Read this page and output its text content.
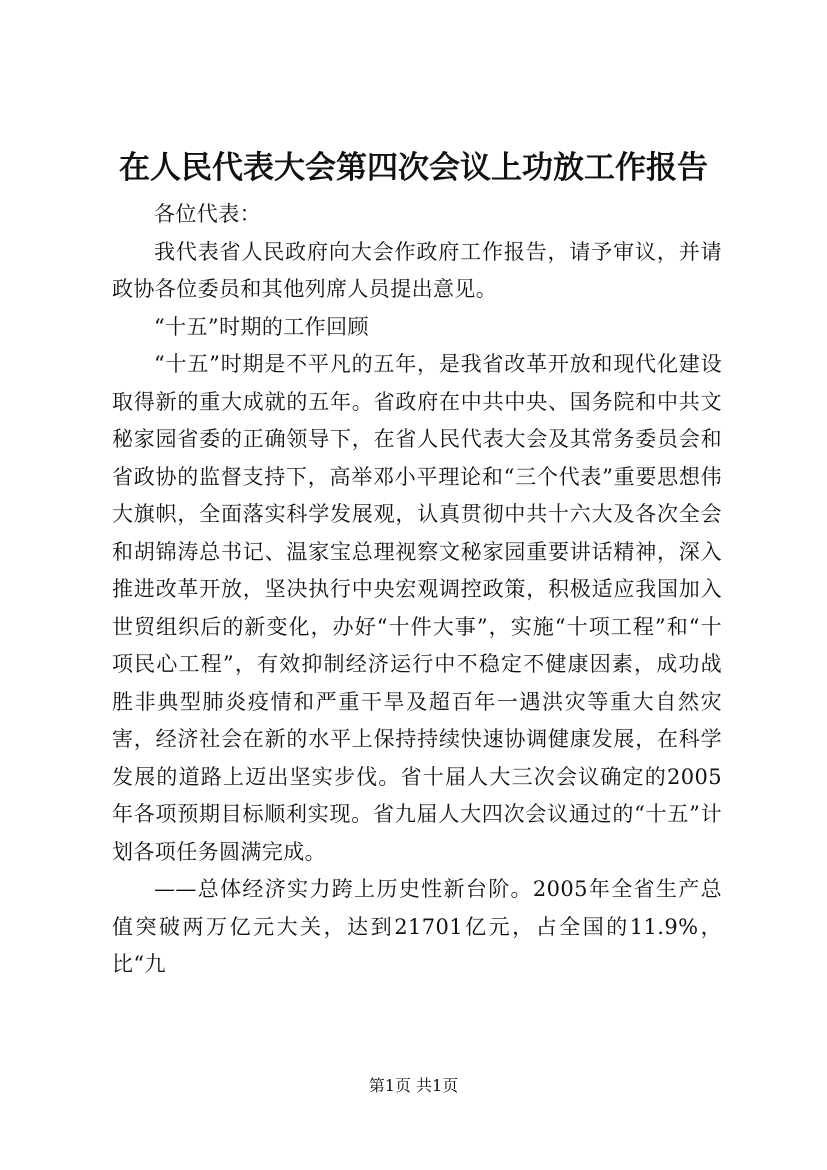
在人民代表大会第四次会议上功放工作报告

各位代表：

我代表省人民政府向大会作政府工作报告，请予审议，并请政协各位委员和其他列席人员提出意见。

“十五”时期的工作回顾

“十五”时期是不平凡的五年，是我省改革开放和现代化建设取得新的重大成就的五年。省政府在中共中央、国务院和中共文秘家园省委的正确领导下，在省人民代表大会及其常务委员会和省政协的监督支持下，高举邓小平理论和“三个代表”重要思想伟大旗帜，全面落实科学发展观，认真贯彻中共十六大及各次全会和胡锦涛总书记、温家宝总理视察文秘家园重要讲话精神，深入推进改革开放，坚决执行中央宏观调控政策，积极适应我国加入世贸组织后的新变化，办好“十件大事”，实施“十项工程”和“十项民心工程”，有效抑制经济运行中不稳定不健康因素，成功战胜非典型肺炎疫情和严重干旱及超百年一遇洪灾等重大自然灾害，经济社会在新的水平上保持持续快速协调健康发展，在科学发展的道路上迈出坚实步伐。省十届人大三次会议确定的2005年各项预期目标顺利实现。省九届人大四次会议通过的“十五”计划各项任务圆满完成。

——总体经济实力跨上历史性新台阶。2005年全省生产总值突破两万亿元大关，达到21701亿元，占全国的11.9%，比“九

第1页 共1页
